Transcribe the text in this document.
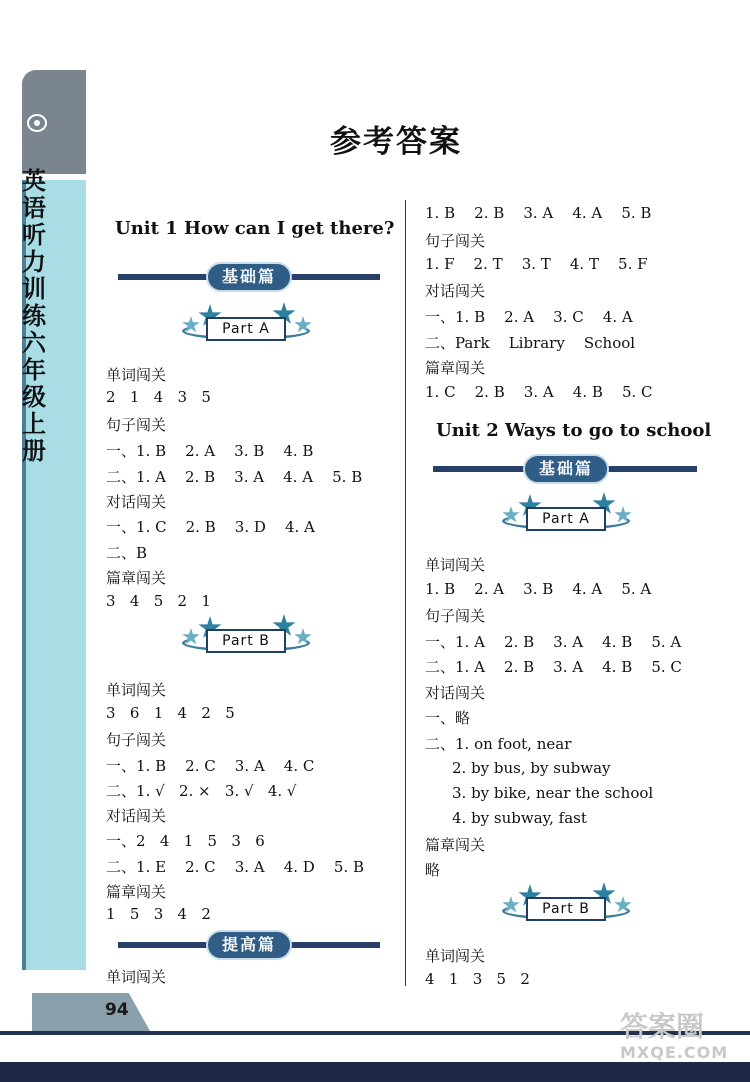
英语听力训练 六年级上册
参考答案
Unit 1 How can I get there?
基础篇
Part A
单词闯关
2   1   4   3   5
句子闯关
一、1. B    2. A    3. B    4. B
二、1. A    2. B    3. A    4. A    5. B
对话闯关
一、1. C    2. B    3. D    4. A
二、B
篇章闯关
3   4   5   2   1
Part B
单词闯关
3   6   1   4   2   5
句子闯关
一、1. B    2. C    3. A    4. C
二、1. √   2. ×   3. √   4. √
对话闯关
一、2   4   1   5   3   6
二、1. E    2. C    3. A    4. D    5. B
篇章闯关
1   5   3   4   2
提高篇
单词闯关
1. B    2. B    3. A    4. A    5. B
句子闯关
1. F    2. T    3. T    4. T    5. F
对话闯关
一、1. B    2. A    3. C    4. A
二、Park    Library    School
篇章闯关
1. C    2. B    3. A    4. B    5. C
Unit 2 Ways to go to school
基础篇
Part A
单词闯关
1. B    2. A    3. B    4. A    5. A
句子闯关
一、1. A    2. B    3. A    4. B    5. A
二、1. A    2. B    3. A    4. B    5. C
对话闯关
一、略
二、1. on foot, near
2. by bus, by subway
3. by bike, near the school
4. by subway, fast
篇章闯关
略
Part B
单词闯关
4   1   3   5   2
94	答案圈
MXQE.COM
